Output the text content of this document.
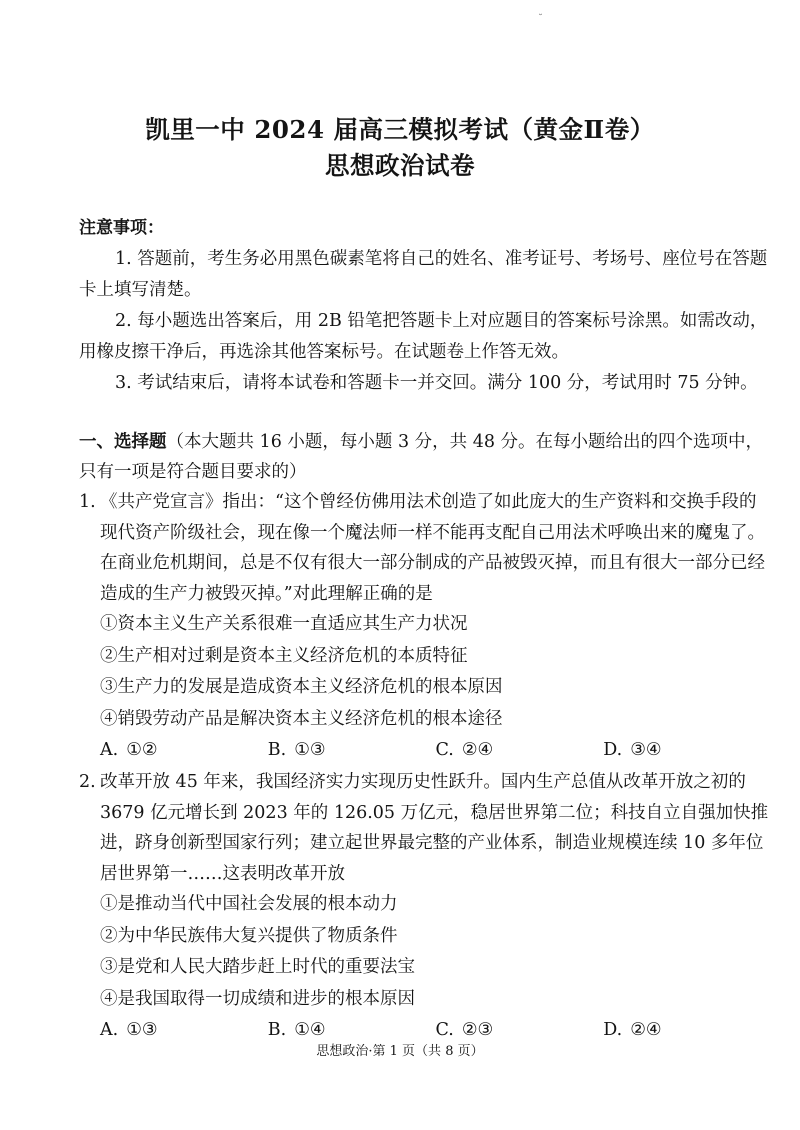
˘
凯里一中 2024 届高三模拟考试（黄金Ⅱ卷）
思想政治试卷
注意事项：
1. 答题前，考生务必用黑色碳素笔将自己的姓名、准考证号、考场号、座位号在答题卡上填写清楚。
2. 每小题选出答案后，用 2B 铅笔把答题卡上对应题目的答案标号涂黑。如需改动，用橡皮擦干净后，再选涂其他答案标号。在试题卷上作答无效。
3. 考试结束后，请将本试卷和答题卡一并交回。满分 100 分，考试用时 75 分钟。
一、选择题（本大题共 16 小题，每小题 3 分，共 48 分。在每小题给出的四个选项中，只有一项是符合题目要求的）
1. 《共产党宣言》指出：“这个曾经仿佛用法术创造了如此庞大的生产资料和交换手段的现代资产阶级社会，现在像一个魔法师一样不能再支配自己用法术呼唤出来的魔鬼了。在商业危机期间，总是不仅有很大一部分制成的产品被毁灭掉，而且有很大一部分已经造成的生产力被毁灭掉。”对此理解正确的是
①资本主义生产关系很难一直适应其生产力状况
②生产相对过剩是资本主义经济危机的本质特征
③生产力的发展是造成资本主义经济危机的根本原因
④销毁劳动产品是解决资本主义经济危机的根本途径
A. ①②	B. ①③	C. ②④	D. ③④
2. 改革开放 45 年来，我国经济实力实现历史性跃升。国内生产总值从改革开放之初的 3679 亿元增长到 2023 年的 126.05 万亿元，稳居世界第二位；科技自立自强加快推进，跻身创新型国家行列；建立起世界最完整的产业体系，制造业规模连续 10 多年位居世界第一……这表明改革开放
①是推动当代中国社会发展的根本动力
②为中华民族伟大复兴提供了物质条件
③是党和人民大踏步赶上时代的重要法宝
④是我国取得一切成绩和进步的根本原因
A. ①③	B. ①④	C. ②③	D. ②④
思想政治·第 1 页（共 8 页）
